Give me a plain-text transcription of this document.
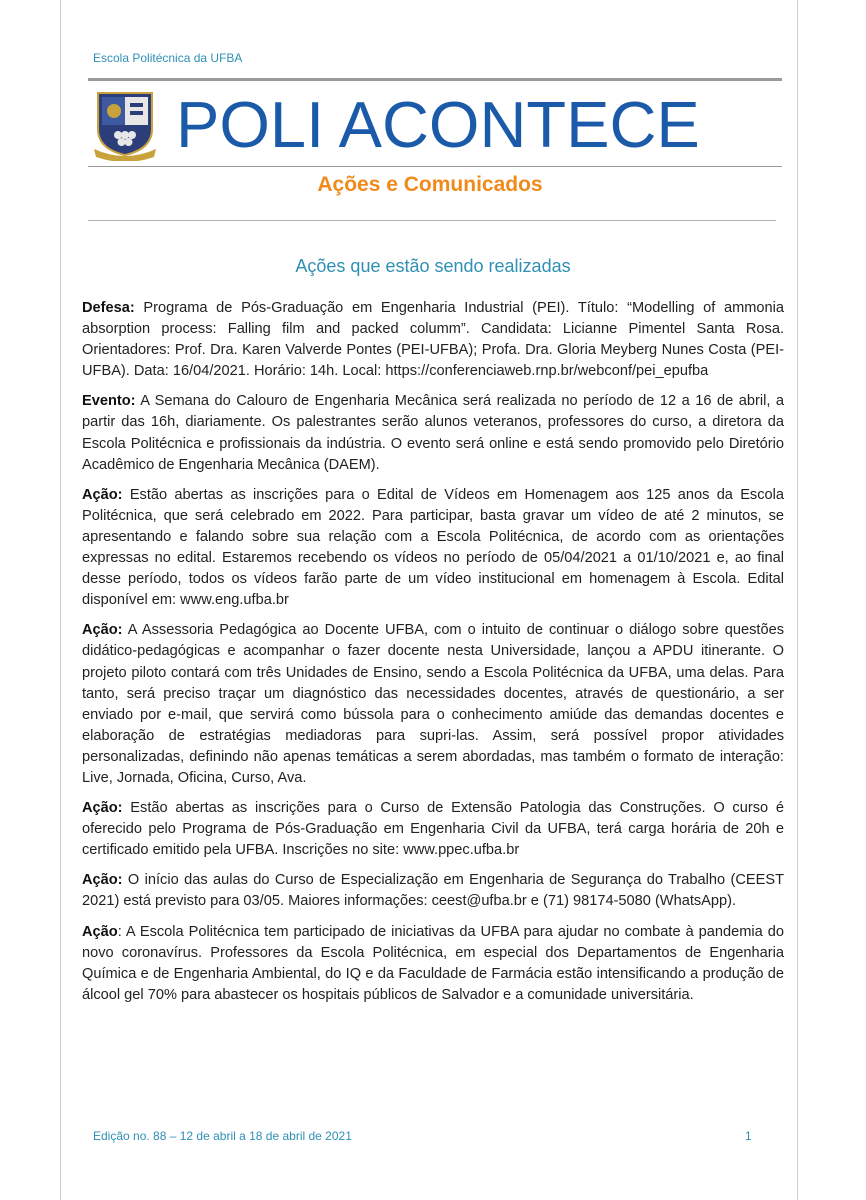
Escola Politécnica da UFBA
POLI ACONTECE
Ações e Comunicados
Ações que estão sendo realizadas

Defesa: Programa de Pós-Graduação em Engenharia Industrial (PEI). Título: “Modelling of ammonia absorption process: Falling film and packed columm”. Candidata: Licianne Pimentel Santa Rosa. Orientadores: Prof. Dra. Karen Valverde Pontes (PEI-UFBA); Profa. Dra. Gloria Meyberg Nunes Costa (PEI-UFBA). Data: 16/04/2021. Horário: 14h. Local: https://conferenciaweb.rnp.br/webconf/pei_epufba

Evento: A Semana do Calouro de Engenharia Mecânica será realizada no período de 12 a 16 de abril, a partir das 16h, diariamente. Os palestrantes serão alunos veteranos, professores do curso, a diretora da Escola Politécnica e profissionais da indústria. O evento será online e está sendo promovido pelo Diretório Acadêmico de Engenharia Mecânica (DAEM).

Ação: Estão abertas as inscrições para o Edital de Vídeos em Homenagem aos 125 anos da Escola Politécnica, que será celebrado em 2022. Para participar, basta gravar um vídeo de até 2 minutos, se apresentando e falando sobre sua relação com a Escola Politécnica, de acordo com as orientações expressas no edital. Estaremos recebendo os vídeos no período de 05/04/2021 a 01/10/2021 e, ao final desse período, todos os vídeos farão parte de um vídeo institucional em homenagem à Escola. Edital disponível em: www.eng.ufba.br

Ação: A Assessoria Pedagógica ao Docente UFBA, com o intuito de continuar o diálogo sobre questões didático-pedagógicas e acompanhar o fazer docente nesta Universidade, lançou a APDU itinerante. O projeto piloto contará com três Unidades de Ensino, sendo a Escola Politécnica da UFBA, uma delas. Para tanto, será preciso traçar um diagnóstico das necessidades docentes, através de questionário, a ser enviado por e-mail, que servirá como bússola para o conhecimento amiúde das demandas docentes e elaboração de estratégias mediadoras para supri-las. Assim, será possível propor atividades personalizadas, definindo não apenas temáticas a serem abordadas, mas também o formato de interação: Live, Jornada, Oficina, Curso, Ava.

Ação: Estão abertas as inscrições para o Curso de Extensão Patologia das Construções. O curso é oferecido pelo Programa de Pós-Graduação em Engenharia Civil da UFBA, terá carga horária de 20h e certificado emitido pela UFBA. Inscrições no site: www.ppec.ufba.br

Ação: O início das aulas do Curso de Especialização em Engenharia de Segurança do Trabalho (CEEST 2021) está previsto para 03/05. Maiores informações: ceest@ufba.br e (71) 98174-5080 (WhatsApp).

Ação: A Escola Politécnica tem participado de iniciativas da UFBA para ajudar no combate à pandemia do novo coronavírus. Professores da Escola Politécnica, em especial dos Departamentos de Engenharia Química e de Engenharia Ambiental, do IQ e da Faculdade de Farmácia estão intensificando a produção de álcool gel 70% para abastecer os hospitais públicos de Salvador e a comunidade universitária.

Edição no. 88 – 12 de abril a 18 de abril de 2021	1
